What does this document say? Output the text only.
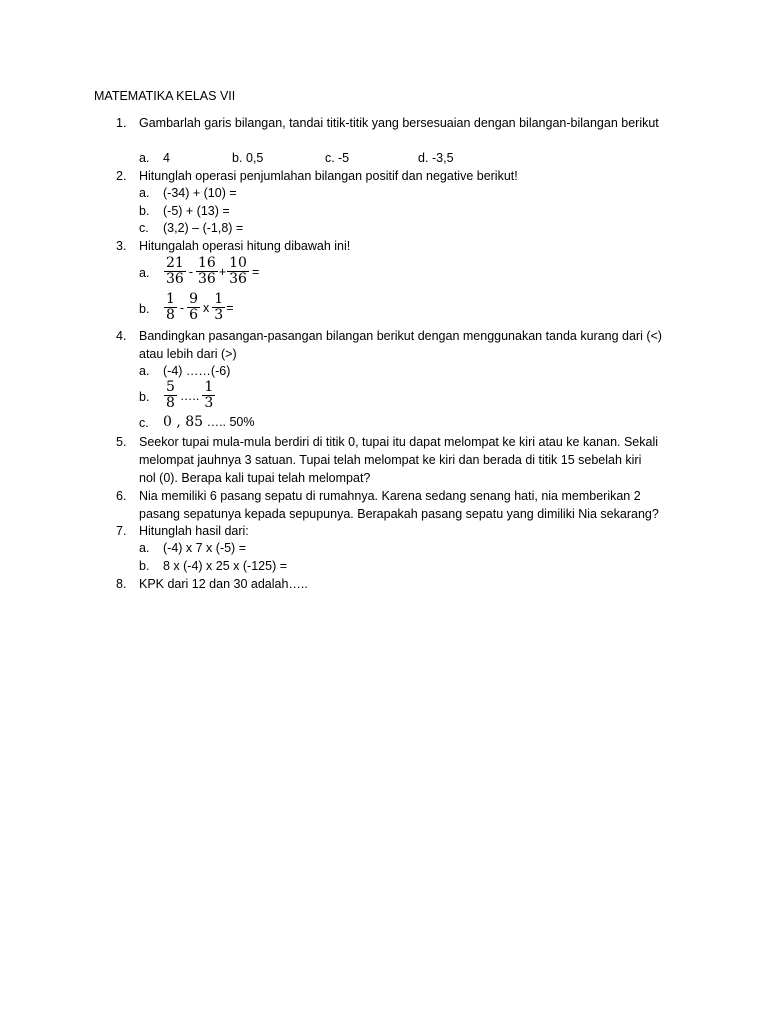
MATEMATIKA KELAS VII
1. Gambarlah garis bilangan, tandai titik-titik yang bersesuaian dengan bilangan-bilangan berikut
a. 4	b. 0,5	c. -5	d. -3,5
2. Hitunglah operasi penjumlahan bilangan positif dan negative berikut!
a. (-34) + (10) =
b. (-5) + (13) =
c. (3,2) – (-1,8) =
3. Hitungalah operasi hitung dibawah ini!
a. $\frac{21}{36} - \frac{16}{36} + \frac{10}{36}$ =
b. $\frac{1}{8} - \frac{9}{6}$ x $\frac{1}{3}$ =
4. Bandingkan pasangan-pasangan bilangan berikut dengan menggunakan tanda kurang dari (<) atau lebih dari (>)
a. (-4) ……(-6)
b. $\frac{5}{8}$ ….. $\frac{1}{3}$
c. 0 , 85 ….. 50%
5. Seekor tupai mula-mula berdiri di titik 0, tupai itu dapat melompat ke kiri atau ke kanan. Sekali melompat jauhnya 3 satuan. Tupai telah melompat ke kiri dan berada di titik 15 sebelah kiri nol (0). Berapa kali tupai telah melompat?
6. Nia memiliki 6 pasang sepatu di rumahnya. Karena sedang senang hati, nia memberikan 2 pasang sepatunya kepada sepupunya. Berapakah pasang sepatu yang dimiliki Nia sekarang?
7. Hitunglah hasil dari:
a. (-4) x 7 x (-5) =
b. 8 x (-4) x 25 x (-125) =
8. KPK dari 12 dan 30 adalah…..
